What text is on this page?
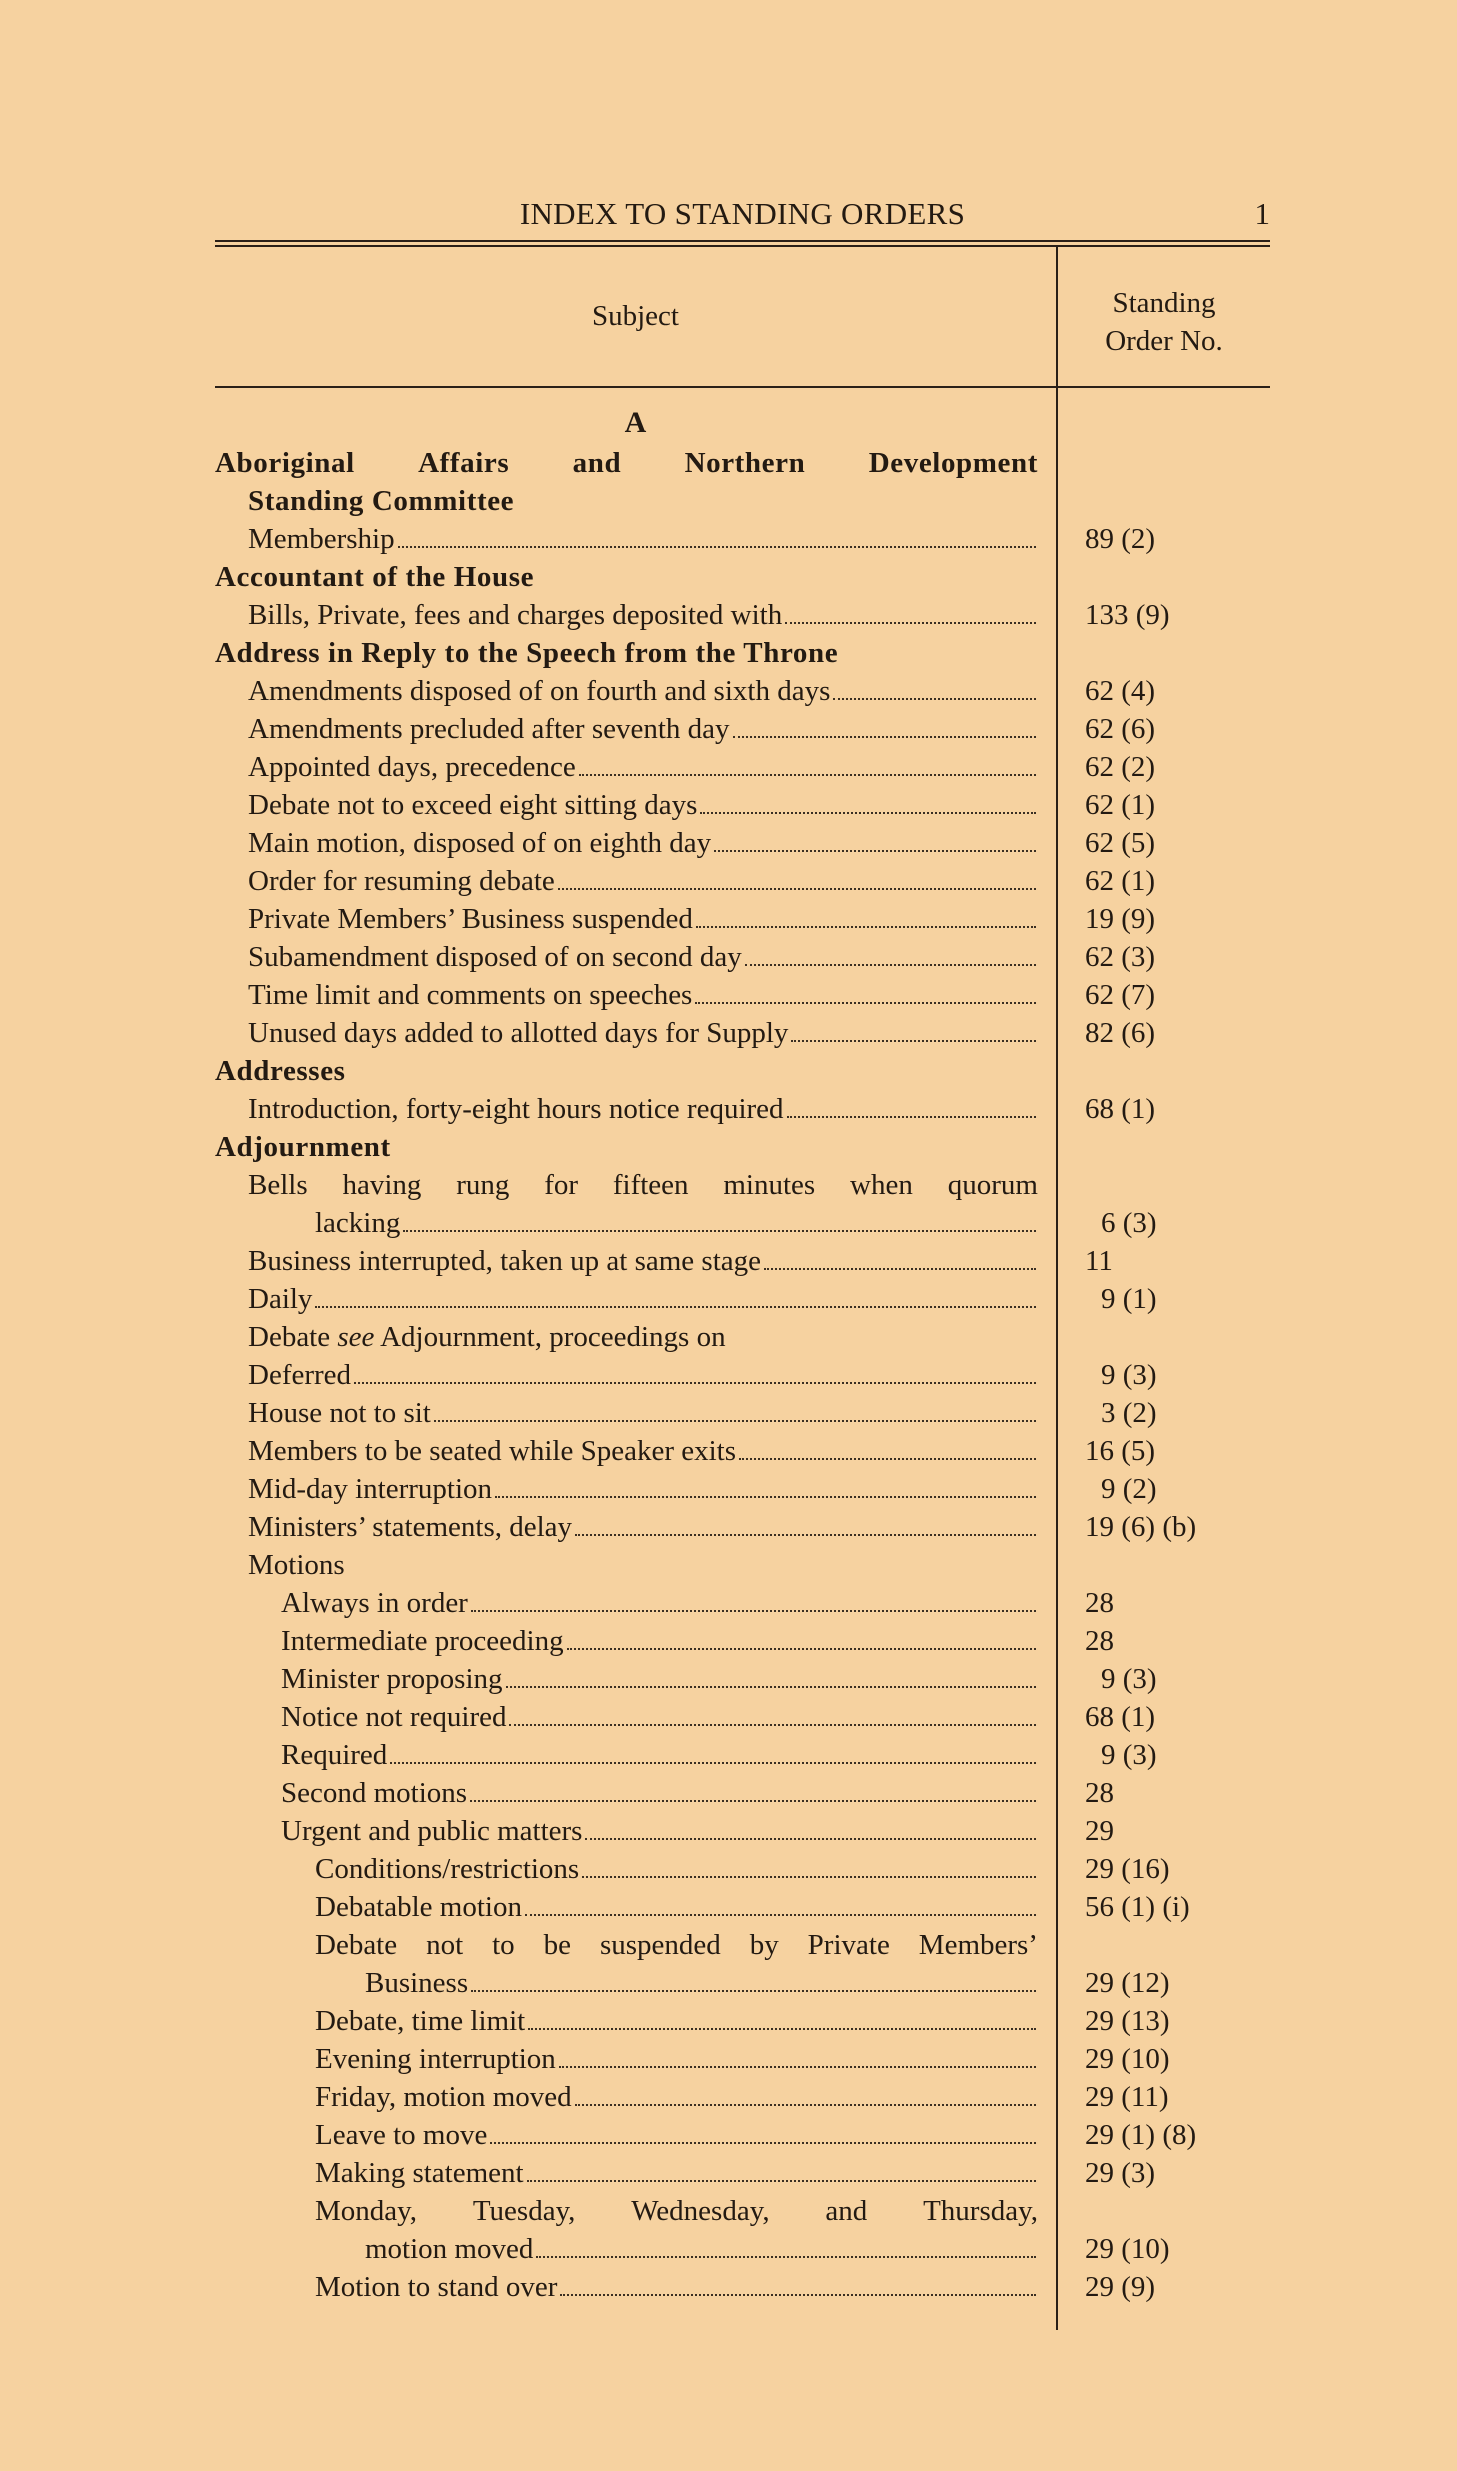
INDEX TO STANDING ORDERS	1
Subject	Standing
Order No.
A
Aboriginal Affairs and Northern Development
Standing Committee
Membership	89 (2)
Accountant of the House
Bills, Private, fees and charges deposited with	133 (9)
Address in Reply to the Speech from the Throne
Amendments disposed of on fourth and sixth days	62 (4)
Amendments precluded after seventh day	62 (6)
Appointed days, precedence	62 (2)
Debate not to exceed eight sitting days	62 (1)
Main motion, disposed of on eighth day	62 (5)
Order for resuming debate	62 (1)
Private Members’ Business suspended	19 (9)
Subamendment disposed of on second day	62 (3)
Time limit and comments on speeches	62 (7)
Unused days added to allotted days for Supply	82 (6)
Addresses
Introduction, forty-eight hours notice required	68 (1)
Adjournment
Bells having rung for fifteen minutes when quorum
lacking	6 (3)
Business interrupted, taken up at same stage	11
Daily	9 (1)
Debate see Adjournment, proceedings on
Deferred	9 (3)
House not to sit	3 (2)
Members to be seated while Speaker exits	16 (5)
Mid-day interruption	9 (2)
Ministers’ statements, delay	19 (6) (b)
Motions
Always in order	28
Intermediate proceeding	28
Minister proposing	9 (3)
Notice not required	68 (1)
Required	9 (3)
Second motions	28
Urgent and public matters	29
Conditions/restrictions	29 (16)
Debatable motion	56 (1) (i)
Debate not to be suspended by Private Members’
Business	29 (12)
Debate, time limit	29 (13)
Evening interruption	29 (10)
Friday, motion moved	29 (11)
Leave to move	29 (1) (8)
Making statement	29 (3)
Monday, Tuesday, Wednesday, and Thursday,
motion moved	29 (10)
Motion to stand over	29 (9)
